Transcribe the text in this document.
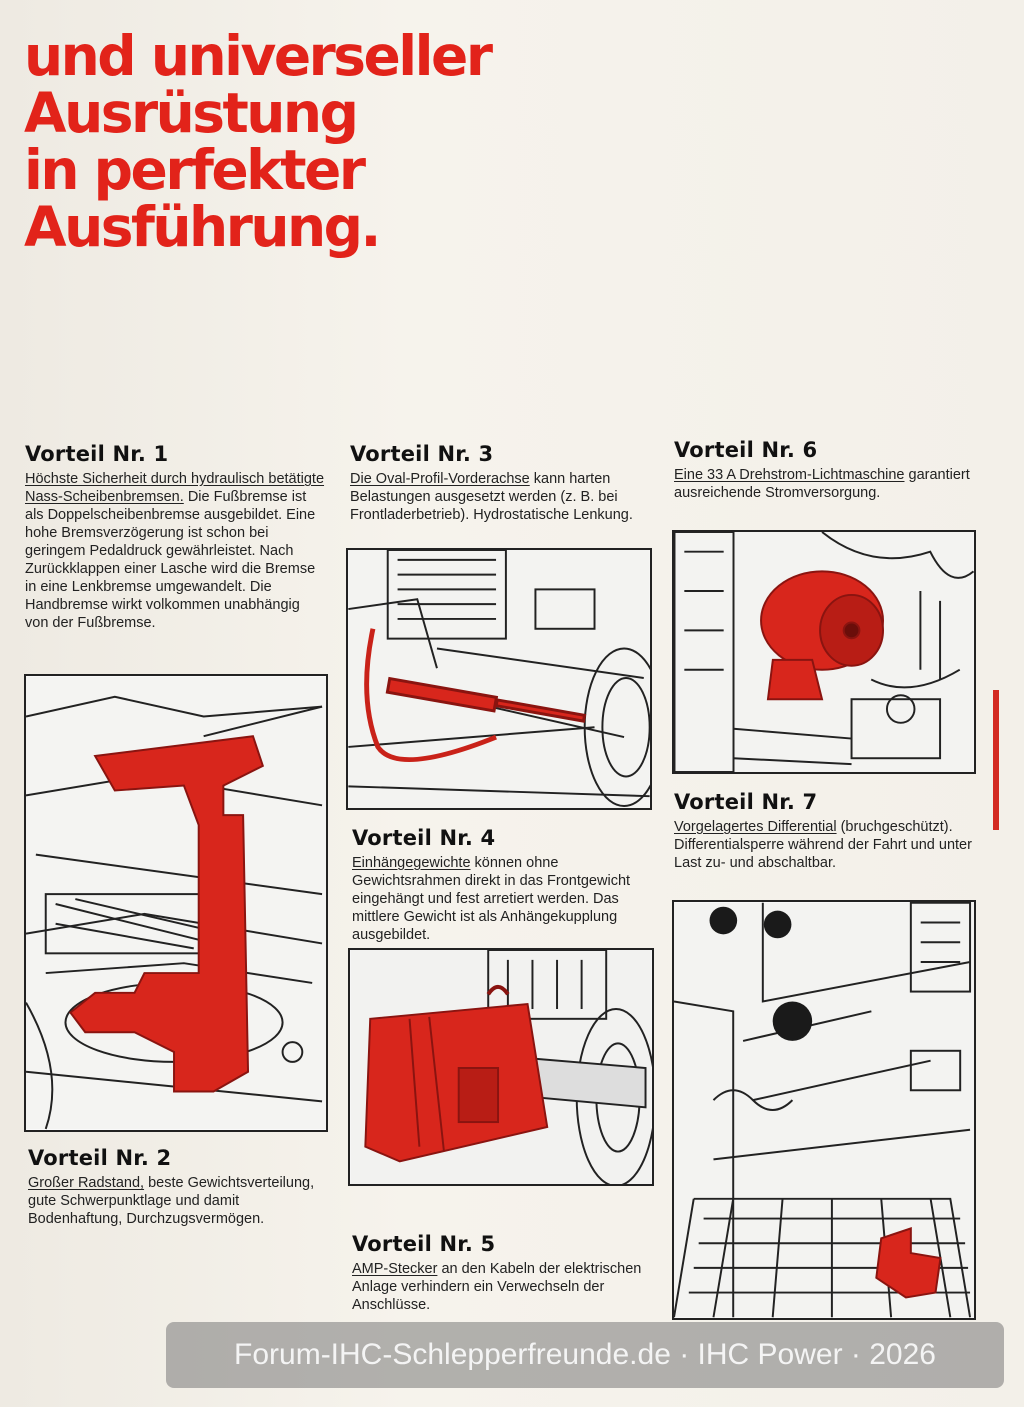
und universeller
Ausrüstung
in perfekter
Ausführung.
Vorteil Nr. 1

Höchste Sicherheit durch hydraulisch betätigte Nass-Scheibenbremsen. Die Fußbremse ist als Doppelscheibenbremse ausgebildet. Eine hohe Bremsverzögerung ist schon bei geringem Pedaldruck gewährleistet. Nach Zurückklappen einer Lasche wird die Bremse in eine Lenkbremse umgewandelt. Die Handbremse wirkt volkommen unabhängig von der Fußbremse.

Vorteil Nr. 2

Großer Radstand, beste Gewichtsverteilung, gute Schwerpunktlage und damit Bodenhaftung, Durchzugsvermögen.

Vorteil Nr. 3

Die Oval-Profil-Vorderachse kann harten Belastungen ausgesetzt werden (z. B. bei Frontladerbetrieb). Hydrostatische Lenkung.

Vorteil Nr. 4

Einhängegewichte können ohne Gewichtsrahmen direkt in das Frontgewicht eingehängt und fest arretiert werden. Das mittlere Gewicht ist als Anhängekupplung ausgebildet.

Vorteil Nr. 5

AMP-Stecker an den Kabeln der elektrischen Anlage verhindern ein Verwechseln der Anschlüsse.

Vorteil Nr. 6

Eine 33 A Drehstrom-Lichtmaschine garantiert ausreichende Stromversorgung.

Vorteil Nr. 7

Vorgelagertes Differential (bruchgeschützt). Differentialsperre während der Fahrt und unter Last zu- und abschaltbar.

Forum-IHC-Schlepperfreunde.de · IHC Power · 2026
